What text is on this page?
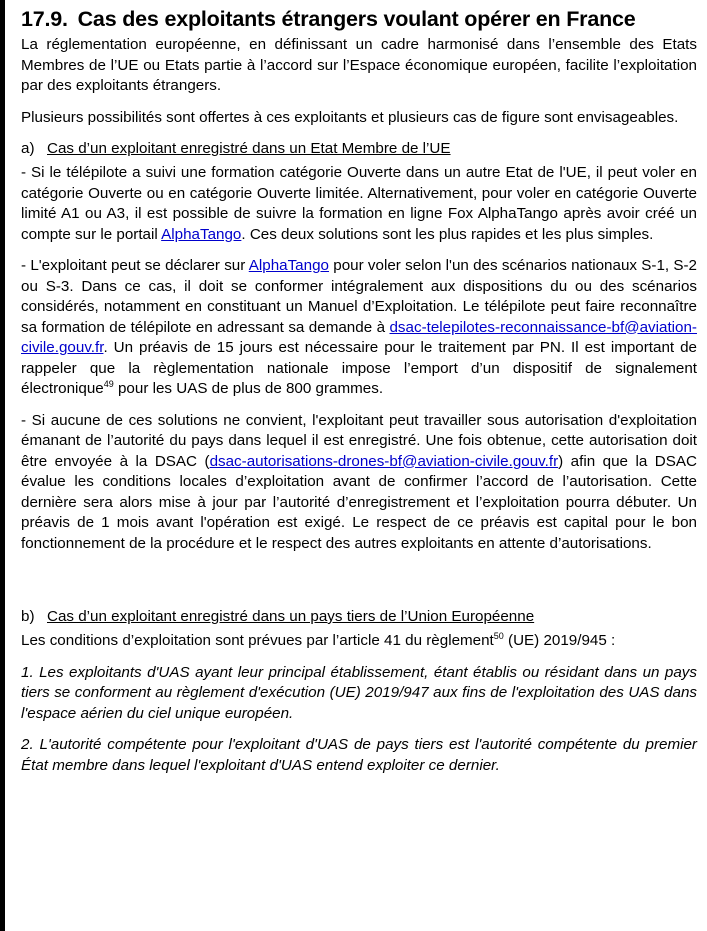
17.9. Cas des exploitants étrangers voulant opérer en France

La réglementation européenne, en définissant un cadre harmonisé dans l’ensemble des Etats Membres de l’UE ou Etats partie à l’accord sur l’Espace économique européen, facilite l’exploitation par des exploitants étrangers.

Plusieurs possibilités sont offertes à ces exploitants et plusieurs cas de figure sont envisageables.

a) Cas d’un exploitant enregistré dans un Etat Membre de l’UE

- Si le télépilote a suivi une formation catégorie Ouverte dans un autre Etat de l'UE, il peut voler en catégorie Ouverte ou en catégorie Ouverte limitée. Alternativement, pour voler en catégorie Ouverte limité A1 ou A3, il est possible de suivre la formation en ligne Fox AlphaTango après avoir créé un compte sur le portail AlphaTango. Ces deux solutions sont les plus rapides et les plus simples.

- L'exploitant peut se déclarer sur AlphaTango pour voler selon l'un des scénarios nationaux S-1, S-2 ou S-3. Dans ce cas, il doit se conformer intégralement aux dispositions du ou des scénarios considérés, notamment en constituant un Manuel d’Exploitation. Le télépilote peut faire reconnaître sa formation de télépilote en adressant sa demande à dsac-telepilotes-reconnaissance-bf@aviation-civile.gouv.fr. Un préavis de 15 jours est nécessaire pour le traitement par PN. Il est important de rappeler que la règlementation nationale impose l’emport d’un dispositif de signalement électronique$^{49}$ pour les UAS de plus de 800 grammes.

- Si aucune de ces solutions ne convient, l'exploitant peut travailler sous autorisation d'exploitation émanant de l’autorité du pays dans lequel il est enregistré. Une fois obtenue, cette autorisation doit être envoyée à la DSAC (dsac-autorisations-drones-bf@aviation-civile.gouv.fr) afin que la DSAC évalue les conditions locales d’exploitation avant de confirmer l’accord de l’autorisation. Cette dernière sera alors mise à jour par l’autorité d’enregistrement et l’exploitation pourra débuter. Un préavis de 1 mois avant l'opération est exigé. Le respect de ce préavis est capital pour le bon fonctionnement de la procédure et le respect des autres exploitants en attente d’autorisations.

b) Cas d’un exploitant enregistré dans un pays tiers de l’Union Européenne

Les conditions d’exploitation sont prévues par l’article 41 du règlement$^{50}$ (UE) 2019/945 :

1. Les exploitants d'UAS ayant leur principal établissement, étant établis ou résidant dans un pays tiers se conforment au règlement d'exécution (UE) 2019/947 aux fins de l'exploitation des UAS dans l'espace aérien du ciel unique européen.

2. L'autorité compétente pour l'exploitant d'UAS de pays tiers est l'autorité compétente du premier État membre dans lequel l'exploitant d'UAS entend exploiter ce dernier.
